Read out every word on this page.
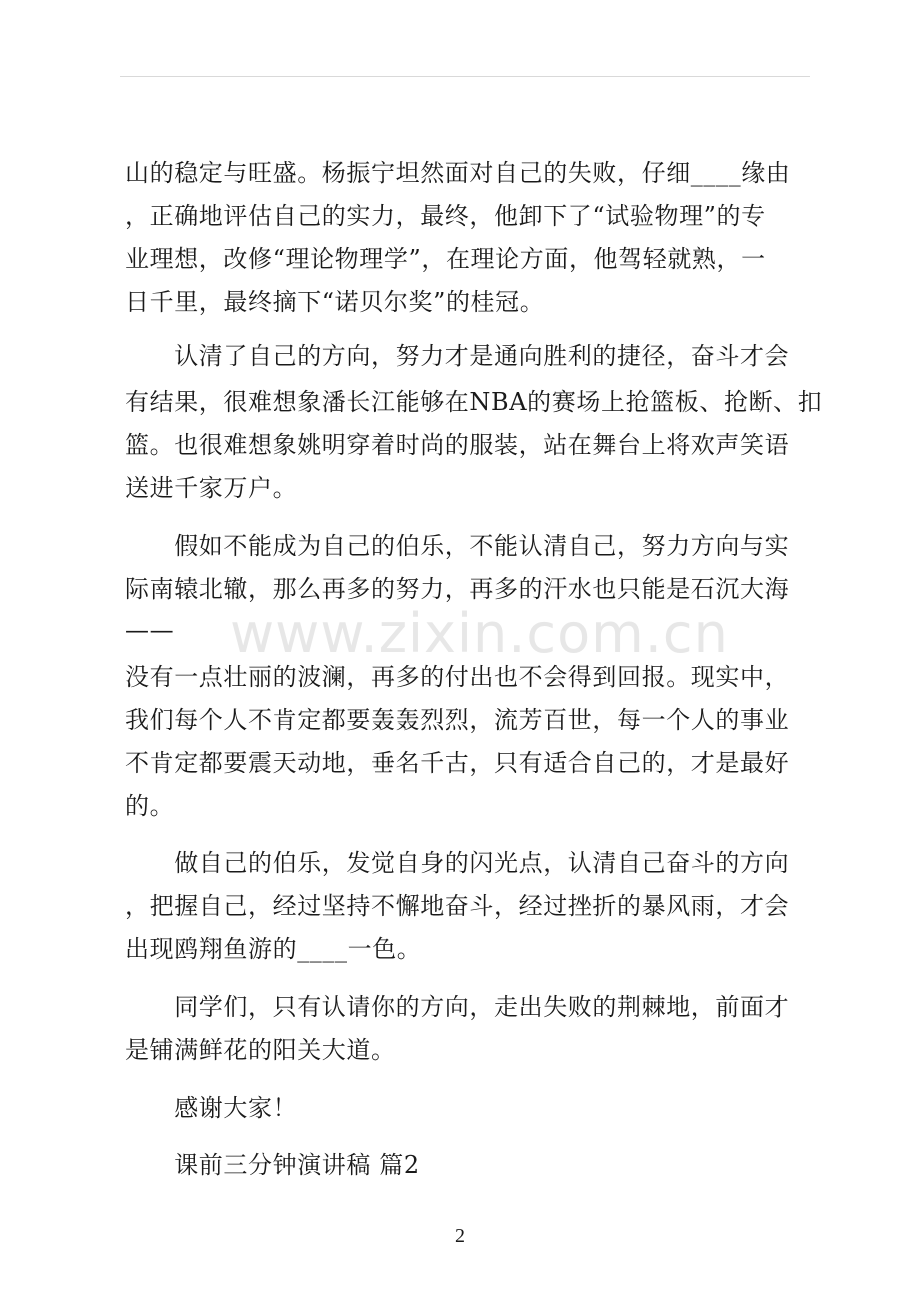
山的稳定与旺盛。杨振宁坦然面对自己的失败，仔细____缘由
，正确地评估自己的实力，最终，他卸下了“试验物理”的专
业理想，改修“理论物理学”，在理论方面，他驾轻就熟，一
日千里，最终摘下“诺贝尔奖”的桂冠。
　　认清了自己的方向，努力才是通向胜利的捷径，奋斗才会
有结果，很难想象潘长江能够在NBA的赛场上抢篮板、抢断、扣
篮。也很难想象姚明穿着时尚的服装，站在舞台上将欢声笑语
送进千家万户。
　　假如不能成为自己的伯乐，不能认清自己，努力方向与实
际南辕北辙，那么再多的努力，再多的汗水也只能是石沉大海
——
没有一点壮丽的波澜，再多的付出也不会得到回报。现实中，
我们每个人不肯定都要轰轰烈烈，流芳百世，每一个人的事业
不肯定都要震天动地，垂名千古，只有适合自己的，才是最好
的。
　　做自己的伯乐，发觉自身的闪光点，认清自己奋斗的方向
，把握自己，经过坚持不懈地奋斗，经过挫折的暴风雨，才会
出现鸥翔鱼游的____一色。
　　同学们，只有认请你的方向，走出失败的荆棘地，前面才
是铺满鲜花的阳关大道。
　　感谢大家！
　　课前三分钟演讲稿 篇2
www.zixin.com.cn
2
